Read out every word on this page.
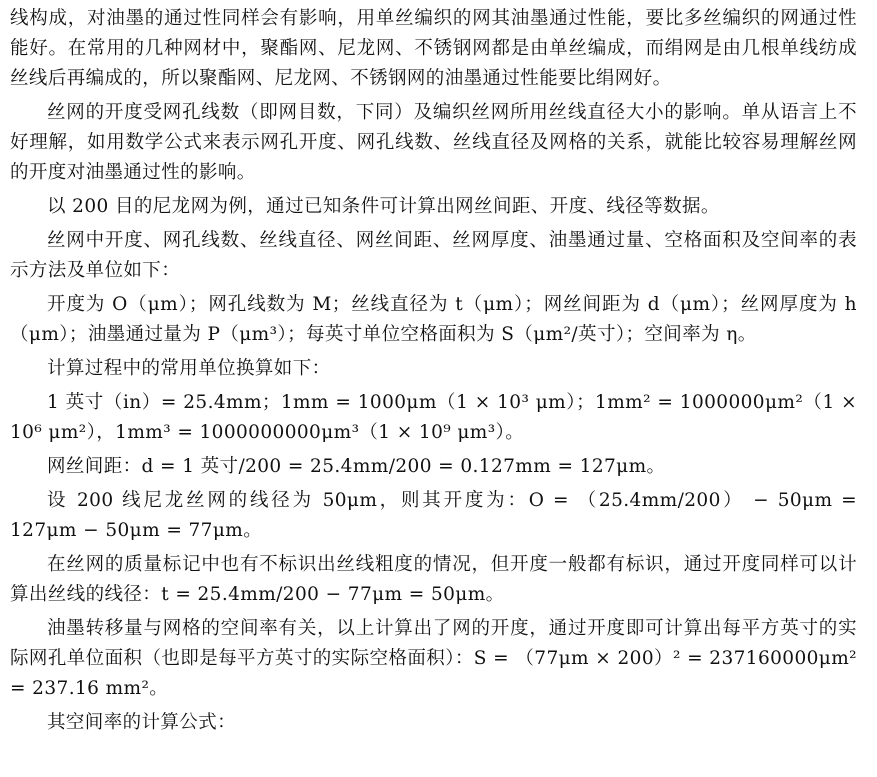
线构成，对油墨的通过性同样会有影响，用单丝编织的网其油墨通过性能，要比多丝编织的网通过性能好。在常用的几种网材中，聚酯网、尼龙网、不锈钢网都是由单丝编成，而绢网是由几根单线纺成丝线后再编成的，所以聚酯网、尼龙网、不锈钢网的油墨通过性能要比绢网好。

丝网的开度受网孔线数（即网目数，下同）及编织丝网所用丝线直径大小的影响。单从语言上不好理解，如用数学公式来表示网孔开度、网孔线数、丝线直径及网格的关系，就能比较容易理解丝网的开度对油墨通过性的影响。

以 200 目的尼龙网为例，通过已知条件可计算出网丝间距、开度、线径等数据。

丝网中开度、网孔线数、丝线直径、网丝间距、丝网厚度、油墨通过量、空格面积及空间率的表示方法及单位如下：

开度为 O（μm）；网孔线数为 M；丝线直径为 t（μm）；网丝间距为 d（μm）；丝网厚度为 h（μm）；油墨通过量为 P（μm³）；每英寸单位空格面积为 S（μm²/英寸）；空间率为 η。

计算过程中的常用单位换算如下：

1 英寸（in）= 25.4mm；1mm = 1000μm（1 × 10³ μm）；1mm² = 1000000μm²（1 × 10⁶ μm²），1mm³ = 1000000000μm³（1 × 10⁹ μm³）。

网丝间距：d = 1 英寸/200 = 25.4mm/200 = 0.127mm = 127μm。

设 200 线尼龙丝网的线径为 50μm，则其开度为：O = （25.4mm/200） − 50μm = 127μm − 50μm = 77μm。

在丝网的质量标记中也有不标识出丝线粗度的情况，但开度一般都有标识，通过开度同样可以计算出丝线的线径：t = 25.4mm/200 − 77μm = 50μm。

油墨转移量与网格的空间率有关，以上计算出了网的开度，通过开度即可计算出每平方英寸的实际网孔单位面积（也即是每平方英寸的实际空格面积）：S = （77μm × 200）² = 237160000μm² = 237.16 mm²。

其空间率的计算公式：
